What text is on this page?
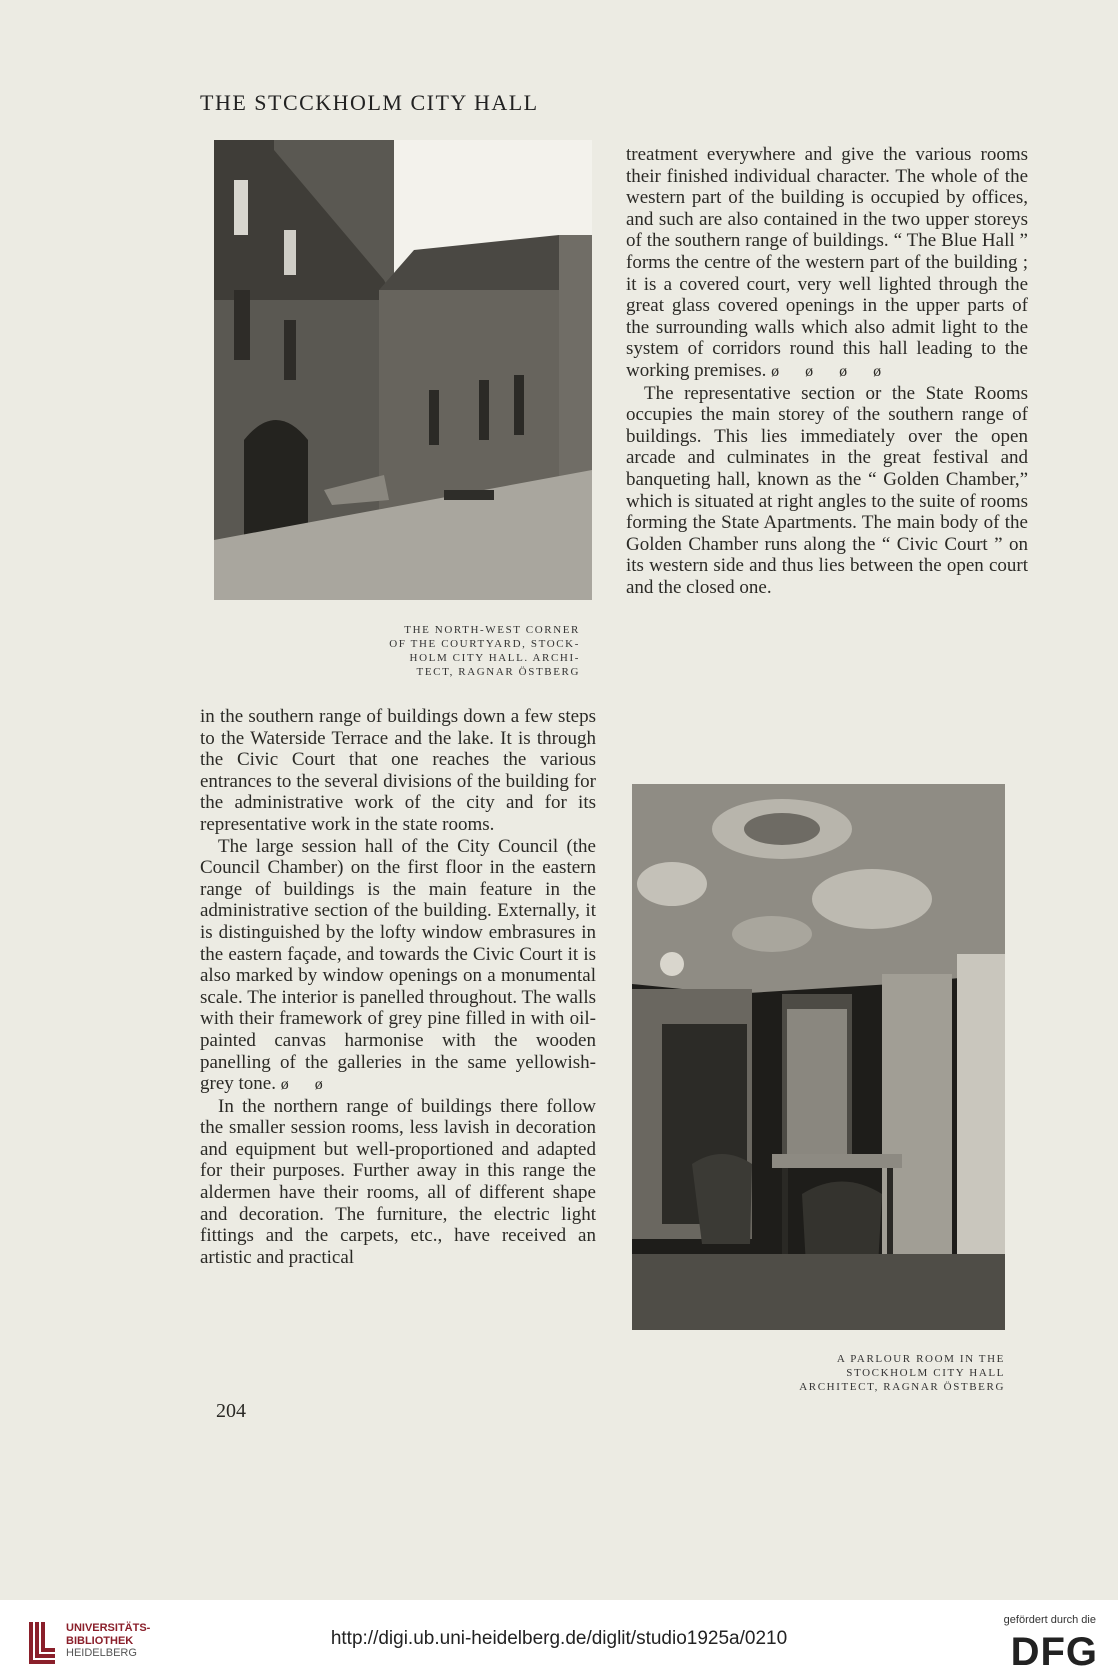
THE STCCKHOLM CITY HALL
THE NORTH-WEST CORNER
OF THE COURTYARD, STOCK-
HOLM CITY HALL. ARCHI-
TECT, RAGNAR ÖSTBERG

treatment everywhere and give the various rooms their finished individual character. The whole of the western part of the building is occupied by offices, and such are also contained in the two upper storeys of the southern range of buildings. “ The Blue Hall ” forms the centre of the western part of the building ; it is a covered court, very well lighted through the great glass covered openings in the upper parts of the surrounding walls which also admit light to the system of corridors round this hall leading to the working premises. øøøø

The representative section or the State Rooms occupies the main storey of the southern range of buildings. This lies immediately over the open arcade and culminates in the great festival and banqueting hall, known as the “ Golden Chamber,” which is situated at right angles to the suite of rooms forming the State Apartments. The main body of the Golden Chamber runs along the “ Civic Court ” on its western side and thus lies between the open court and the closed one.

A PARLOUR ROOM IN THE
STOCKHOLM CITY HALL
ARCHITECT, RAGNAR ÖSTBERG

in the southern range of buildings down a few steps to the Waterside Terrace and the lake. It is through the Civic Court that one reaches the various entrances to the several divisions of the building for the administrative work of the city and for its representative work in the state rooms.

The large session hall of the City Council (the Council Chamber) on the first floor in the eastern range of buildings is the main feature in the administrative section of the building. Externally, it is distinguished by the lofty window embrasures in the eastern façade, and towards the Civic Court it is also marked by window openings on a monumental scale. The interior is panelled throughout. The walls with their framework of grey pine filled in with oil-painted canvas harmonise with the wooden panelling of the galleries in the same yellowish-grey tone. øø

In the northern range of buildings there follow the smaller session rooms, less lavish in decoration and equipment but well-proportioned and adapted for their purposes. Further away in this range the aldermen have their rooms, all of different shape and decoration. The furniture, the electric light fittings and the carpets, etc., have received an artistic and practical

204
UNIVERSITÄTS-
BIBLIOTHEK
HEIDELBERG
http://digi.ub.uni-heidelberg.de/diglit/studio1925a/0210
gefördert durch die
DFG
